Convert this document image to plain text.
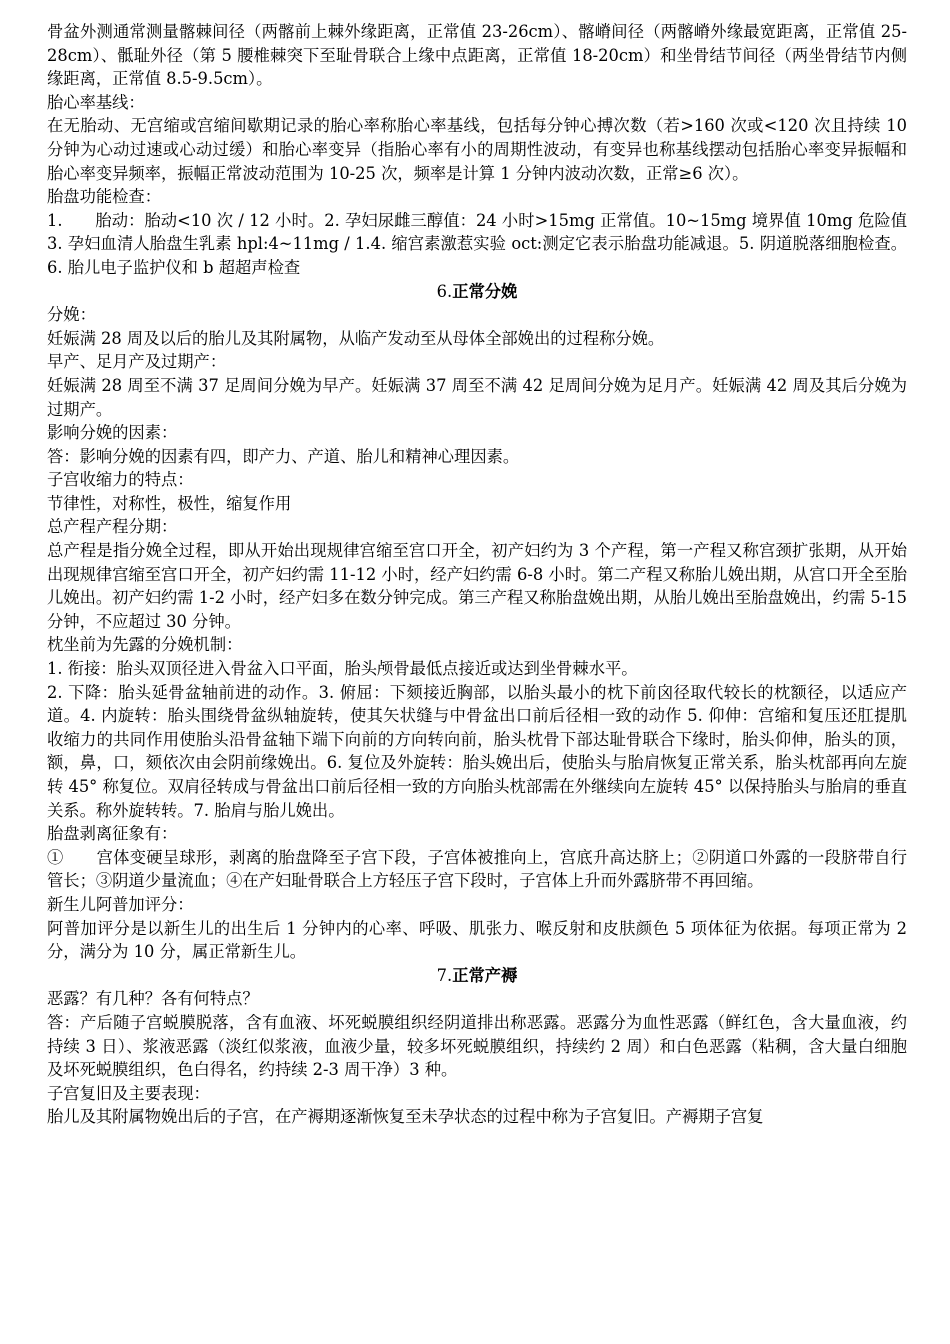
骨盆外测通常测量髂棘间径（两髂前上棘外缘距离，正常值 23-26cm）、髂嵴间径（两髂嵴外缘最宽距离，正常值 25-28cm）、骶耻外径（第 5 腰椎棘突下至耻骨联合上缘中点距离，正常值 18-20cm）和坐骨结节间径（两坐骨结节内侧缘距离，正常值 8.5-9.5cm）。

胎心率基线：

在无胎动、无宫缩或宫缩间歇期记录的胎心率称胎心率基线，包括每分钟心搏次数（若>160 次或<120 次且持续 10 分钟为心动过速或心动过缓）和胎心率变异（指胎心率有小的周期性波动，有变异也称基线摆动包括胎心率变异振幅和胎心率变异频率，振幅正常波动范围为 10-25 次，频率是计算 1 分钟内波动次数，正常≥6 次）。

胎盘功能检查：

1.　　胎动：胎动<10 次 / 12 小时。2. 孕妇尿雌三醇值：24 小时>15mg 正常值。10~15mg 境界值 10mg 危险值 3. 孕妇血清人胎盘生乳素 hpl:4~11mg / 1.4. 缩宫素激惹实验 oct:测定它表示胎盘功能减退。5. 阴道脱落细胞检查。6. 胎儿电子监护仪和 b 超超声检查

6.正常分娩

分娩：

妊娠满 28 周及以后的胎儿及其附属物，从临产发动至从母体全部娩出的过程称分娩。

早产、足月产及过期产：

妊娠满 28 周至不满 37 足周间分娩为早产。妊娠满 37 周至不满 42 足周间分娩为足月产。妊娠满 42 周及其后分娩为过期产。

影响分娩的因素：

答：影响分娩的因素有四，即产力、产道、胎儿和精神心理因素。

子宫收缩力的特点：

节律性，对称性，极性，缩复作用

总产程产程分期：

总产程是指分娩全过程，即从开始出现规律宫缩至宫口开全，初产妇约为 3 个产程，第一产程又称宫颈扩张期，从开始出现规律宫缩至宫口开全，初产妇约需 11-12 小时，经产妇约需 6-8 小时。第二产程又称胎儿娩出期，从宫口开全至胎儿娩出。初产妇约需 1-2 小时，经产妇多在数分钟完成。第三产程又称胎盘娩出期，从胎儿娩出至胎盘娩出，约需 5-15 分钟，不应超过 30 分钟。

枕坐前为先露的分娩机制：

1. 衔接：胎头双顶径进入骨盆入口平面，胎头颅骨最低点接近或达到坐骨棘水平。

2. 下降：胎头延骨盆轴前进的动作。3. 俯屈：下颏接近胸部，以胎头最小的枕下前囟径取代较长的枕额径，以适应产道。4. 内旋转：胎头围绕骨盆纵轴旋转，使其矢状缝与中骨盆出口前后径相一致的动作 5. 仰伸：宫缩和复压还肛提肌收缩力的共同作用使胎头沿骨盆轴下端下向前的方向转向前，胎头枕骨下部达耻骨联合下缘时，胎头仰伸，胎头的顶，额，鼻，口，颏依次由会阴前缘娩出。6. 复位及外旋转：胎头娩出后，使胎头与胎肩恢复正常关系，胎头枕部再向左旋转 45° 称复位。双肩径转成与骨盆出口前后径相一致的方向胎头枕部需在外继续向左旋转 45° 以保持胎头与胎肩的垂直关系。称外旋转转。7. 胎肩与胎儿娩出。

胎盘剥离征象有：

①　　宫体变硬呈球形，剥离的胎盘降至子宫下段，子宫体被推向上，宫底升高达脐上；②阴道口外露的一段脐带自行管长；③阴道少量流血；④在产妇耻骨联合上方轻压子宫下段时，子宫体上升而外露脐带不再回缩。

新生儿阿普加评分：

阿普加评分是以新生儿的出生后 1 分钟内的心率、呼吸、肌张力、喉反射和皮肤颜色 5 项体征为依据。每项正常为 2 分，满分为 10 分，属正常新生儿。

7.正常产褥

恶露？有几种？各有何特点？

答：产后随子宫蜕膜脱落，含有血液、坏死蜕膜组织经阴道排出称恶露。恶露分为血性恶露（鲜红色，含大量血液，约持续 3 日）、浆液恶露（淡红似浆液，血液少量，较多坏死蜕膜组织，持续约 2 周）和白色恶露（粘稠，含大量白细胞及坏死蜕膜组织，色白得名，约持续 2-3 周干净）3 种。

子宫复旧及主要表现：

胎儿及其附属物娩出后的子宫，在产褥期逐渐恢复至未孕状态的过程中称为子宫复旧。产褥期子宫复
